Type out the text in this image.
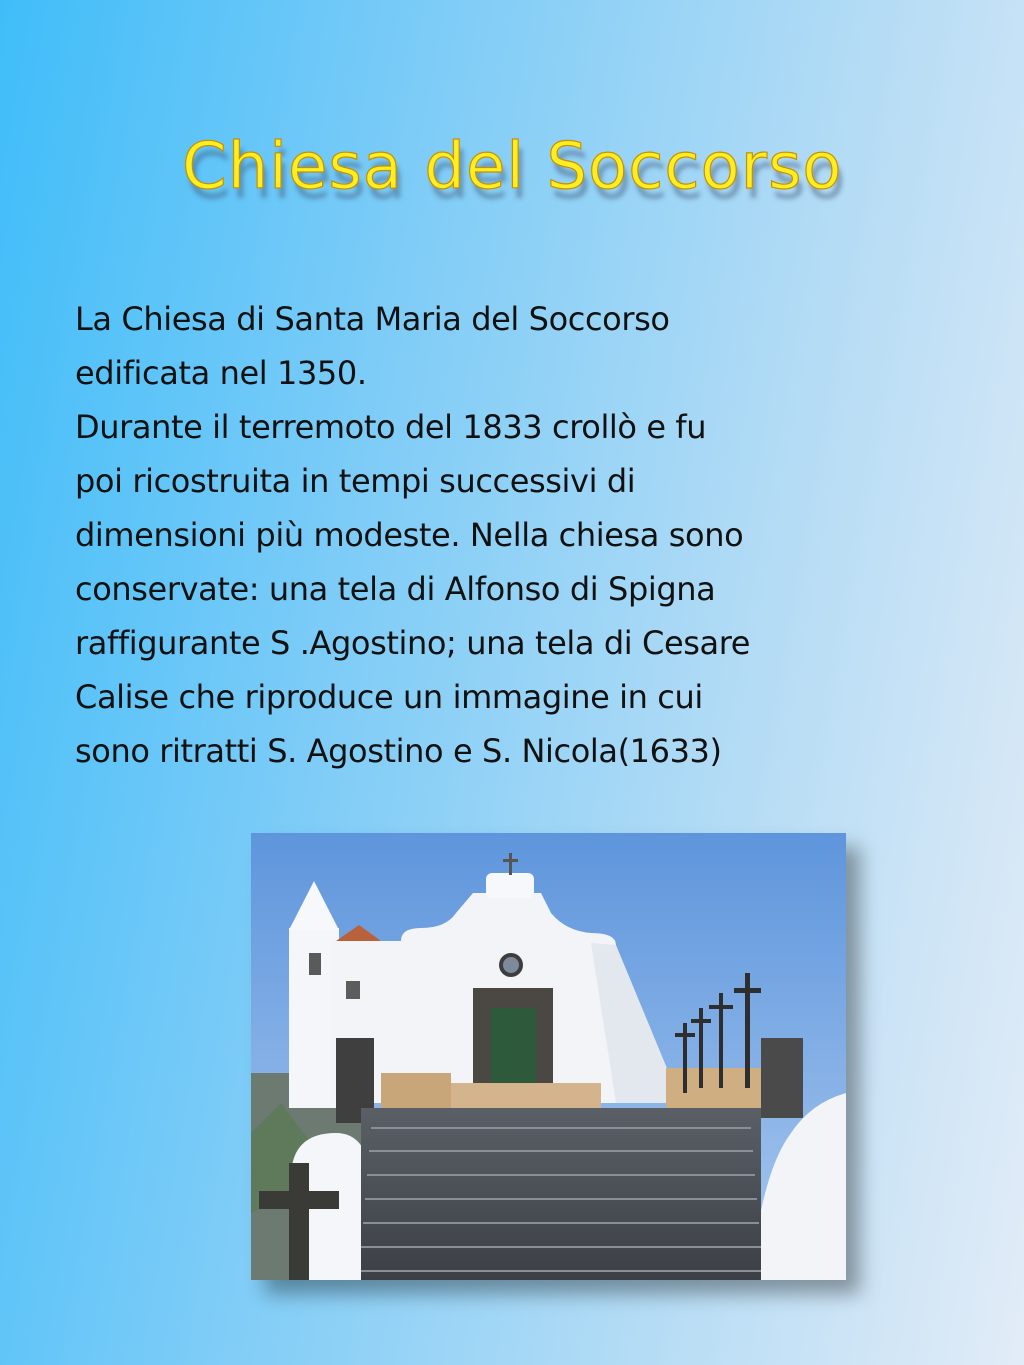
Chiesa del Soccorso
La Chiesa di Santa Maria del Soccorso
edificata nel 1350.
Durante il terremoto del 1833 crollò e fu
poi ricostruita in tempi successivi di
dimensioni più modeste. Nella chiesa sono
conservate: una tela di Alfonso di Spigna
raffigurante S .Agostino; una tela di Cesare
Calise che riproduce un immagine in cui
sono ritratti S. Agostino e S. Nicola(1633)
